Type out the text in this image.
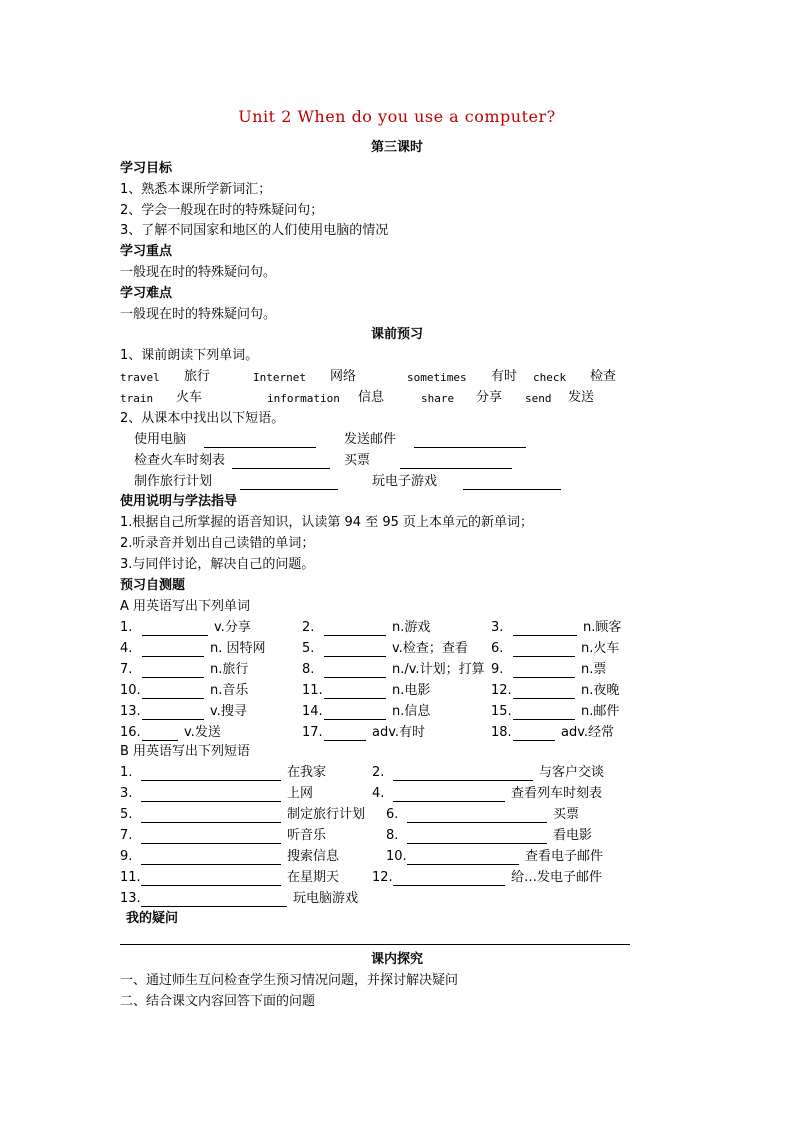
Unit 2 When do you use a computer?
第三课时
学习目标
1、熟悉本课所学新词汇；
2、学会一般现在时的特殊疑问句；
3、了解不同国家和地区的人们使用电脑的情况
学习重点
一般现在时的特殊疑问句。
学习难点
一般现在时的特殊疑问句。
课前预习
1、课前朗读下列单词。
travel 旅行	Internet 网络	sometimes 有时 check 检查
train 火车	information 信息	share 分享 send 发送
2、从课本中找出以下短语。
使用电脑	发送邮件
检查火车时刻表	买票
制作旅行计划	玩电子游戏
使用说明与学法指导
1.根据自己所掌握的语音知识，认读第 94 至 95 页上本单元的新单词；
2.听录音并划出自己读错的单词；
3.与同伴讨论，解决自己的问题。
预习自测题
A 用英语写出下列单词
1.	v.分享	2.	n.游戏	3.	n.顾客
4.	n. 因特网	5.	v.检查；查看 6.	n.火车
7.	n.旅行	8.	n./v.计划；打算 9.	n.票
10.	n.音乐	11.	n.电影	12.	n.夜晚
13.	v.搜寻	14.	n.信息	15.	n.邮件
16.	v.发送	17.	adv.有时	18.	adv.经常
B 用英语写出下列短语
1.	在我家	2.	与客户交谈
3.	上网	4.	查看列车时刻表
5.	制定旅行计划 6.	买票
7.	听音乐	8.	看电影
9.	搜索信息	10.	查看电子邮件
11.	在星期天	12.	给…发电子邮件
13.	玩电脑游戏
我的疑问
课内探究
一、通过师生互问检查学生预习情况问题，并探讨解决疑问
二、结合课文内容回答下面的问题
